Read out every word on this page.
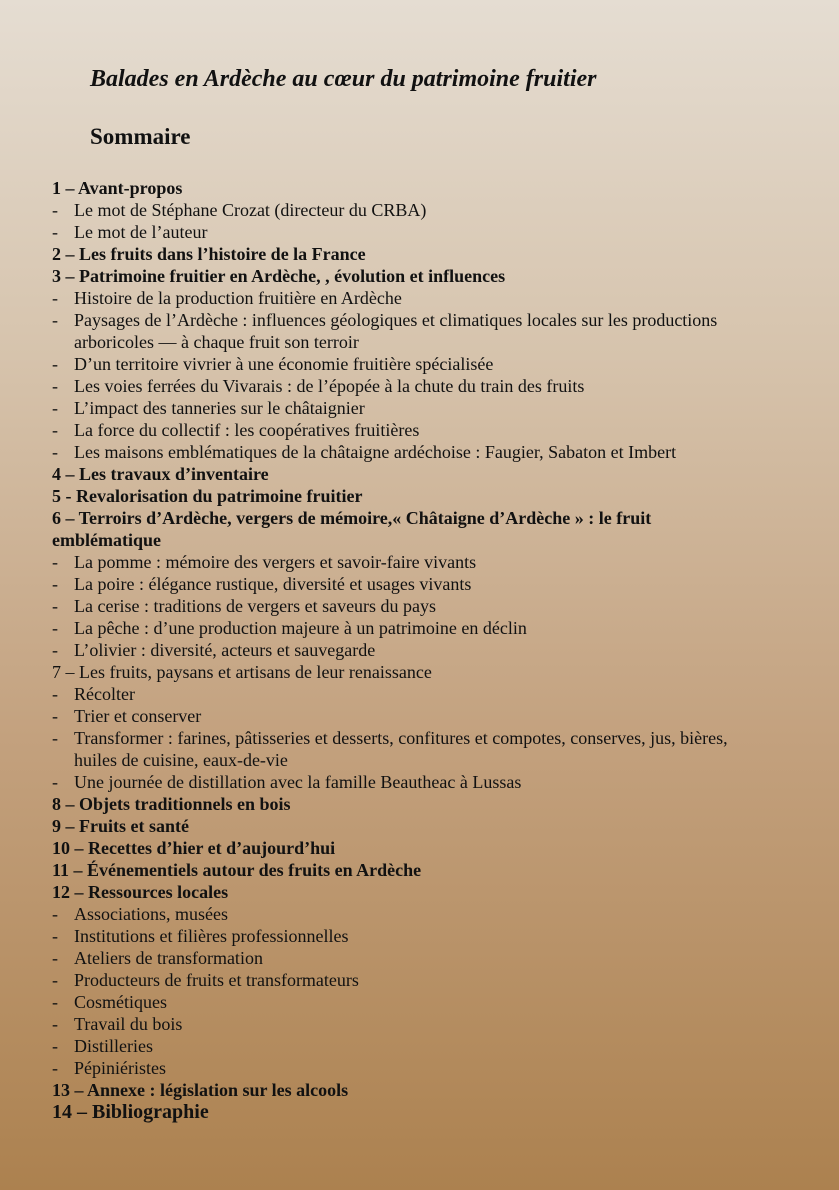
Balades en Ardèche au cœur du patrimoine fruitier
Sommaire
1 – Avant-propos
- Le mot de Stéphane Crozat (directeur du CRBA)
- Le mot de l’auteur
2 – Les fruits dans l’histoire de la France
3 – Patrimoine fruitier en Ardèche, , évolution et influences
- Histoire de la production fruitière en Ardèche
- Paysages de l’Ardèche : influences géologiques et climatiques locales sur les productions arboricoles — à chaque fruit son terroir
- D’un territoire vivrier à une économie fruitière spécialisée
- Les voies ferrées du Vivarais : de l’épopée à la chute du train des fruits
- L’impact des tanneries sur le châtaignier
- La force du collectif : les coopératives fruitières
- Les maisons emblématiques de la châtaigne ardéchoise : Faugier, Sabaton et Imbert
4 – Les travaux d’inventaire
5 - Revalorisation du patrimoine fruitier
6 – Terroirs d’Ardèche, vergers de mémoire,« Châtaigne d’Ardèche » : le fruit emblématique
- La pomme : mémoire des vergers et savoir-faire vivants
- La poire : élégance rustique, diversité et usages vivants
- La cerise : traditions de vergers et saveurs du pays
- La pêche : d’une production majeure à un patrimoine en déclin
- L’olivier : diversité, acteurs et sauvegarde
7 – Les fruits, paysans et artisans de leur renaissance
- Récolter
- Trier et conserver
- Transformer : farines, pâtisseries et desserts, confitures et compotes, conserves, jus, bières, huiles de cuisine, eaux-de-vie
- Une journée de distillation avec la famille Beautheac à Lussas
8 – Objets traditionnels en bois
9 – Fruits et santé
10 – Recettes d’hier et d’aujourd’hui
11 – Événementiels autour des fruits en Ardèche
12 – Ressources locales
- Associations, musées
- Institutions et filières professionnelles
- Ateliers de transformation
- Producteurs de fruits et transformateurs
- Cosmétiques
- Travail du bois
- Distilleries
- Pépiniéristes
13 – Annexe : législation sur les alcools
14 – Bibliographie
